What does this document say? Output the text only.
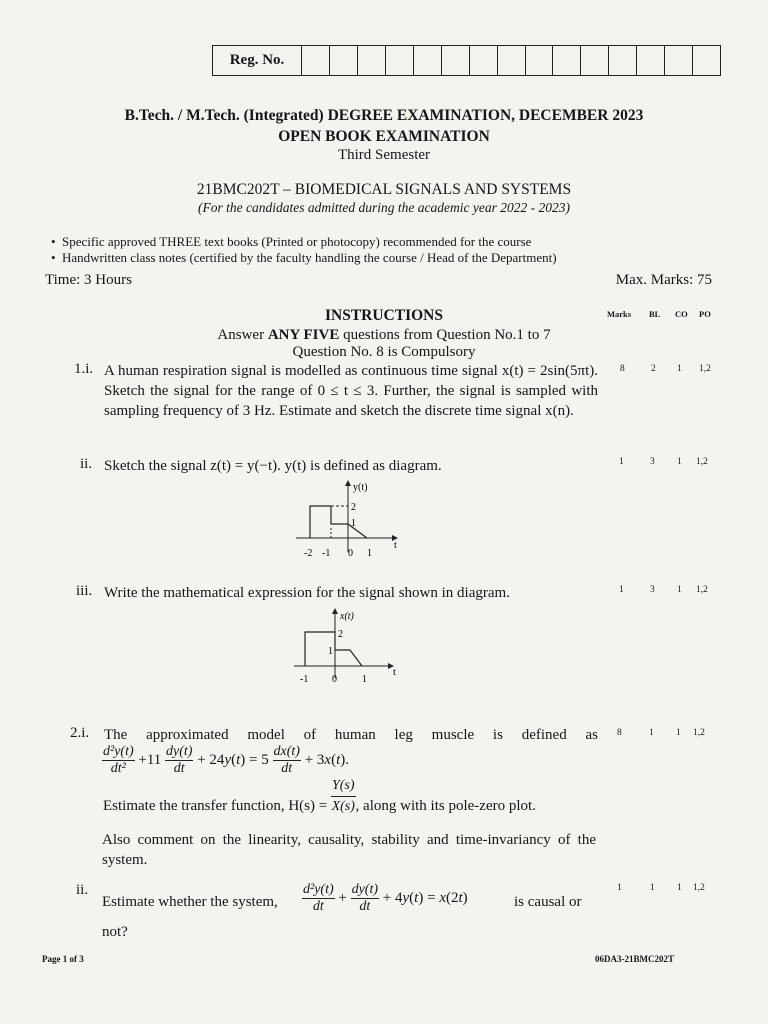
Reg. No.
B.Tech. / M.Tech. (Integrated) DEGREE EXAMINATION, DECEMBER 2023
OPEN BOOK EXAMINATION
Third Semester
21BMC202T – BIOMEDICAL SIGNALS AND SYSTEMS
(For the candidates admitted during the academic year 2022 - 2023)
• Specific approved THREE text books (Printed or photocopy) recommended for the course
• Handwritten class notes (certified by the faculty handling the course / Head of the Department)
Time: 3 Hours	Max. Marks: 75
Marks BL CO PO
INSTRUCTIONS
Answer ANY FIVE questions from Question No.1 to 7
Question No. 8 is Compulsory
1.i. A human respiration signal is modelled as continuous time signal x(t) = 2sin(5πt). Sketch the signal for the range of 0 ≤ t ≤ 3. Further, the signal is sampled with sampling frequency of 3 Hz. Estimate and sketch the discrete time signal x(n).
8	2 1 1,2
ii. Sketch the signal z(t) = y(−t). y(t) is defined as diagram.	1	3 1 1,2
y(t)
t
2
1
-2 -1 0 1
iii. Write the mathematical expression for the signal shown in diagram.	1	3 1 1,2
x(t)
t
2
1
-1 0	1
2.i. The approximated model of human leg muscle is defined as 8	1 1 1,2
$\frac{\text{d²y(t)}}{\text{dt²}} +11 \frac{dy(t)}{dt} + 24y(t) = 5 \frac{dx(t)}{dt} + 3x(t)$.
Estimate the transfer function, $H(s) = \frac{Y(s)}{X(s)}$ , along with its pole-zero plot.
Also comment on the linearity, causality, stability and time-invariancy of the system.
ii.
Estimate whether the system, $\frac{\text{d²y(t)}}{dt} + \frac{dy(t)}{dt} + 4y(t) = x(2t)$	is causal or
not?
1	1 1 1,2
Page 1 of 3	06DA3-21BMC202T
